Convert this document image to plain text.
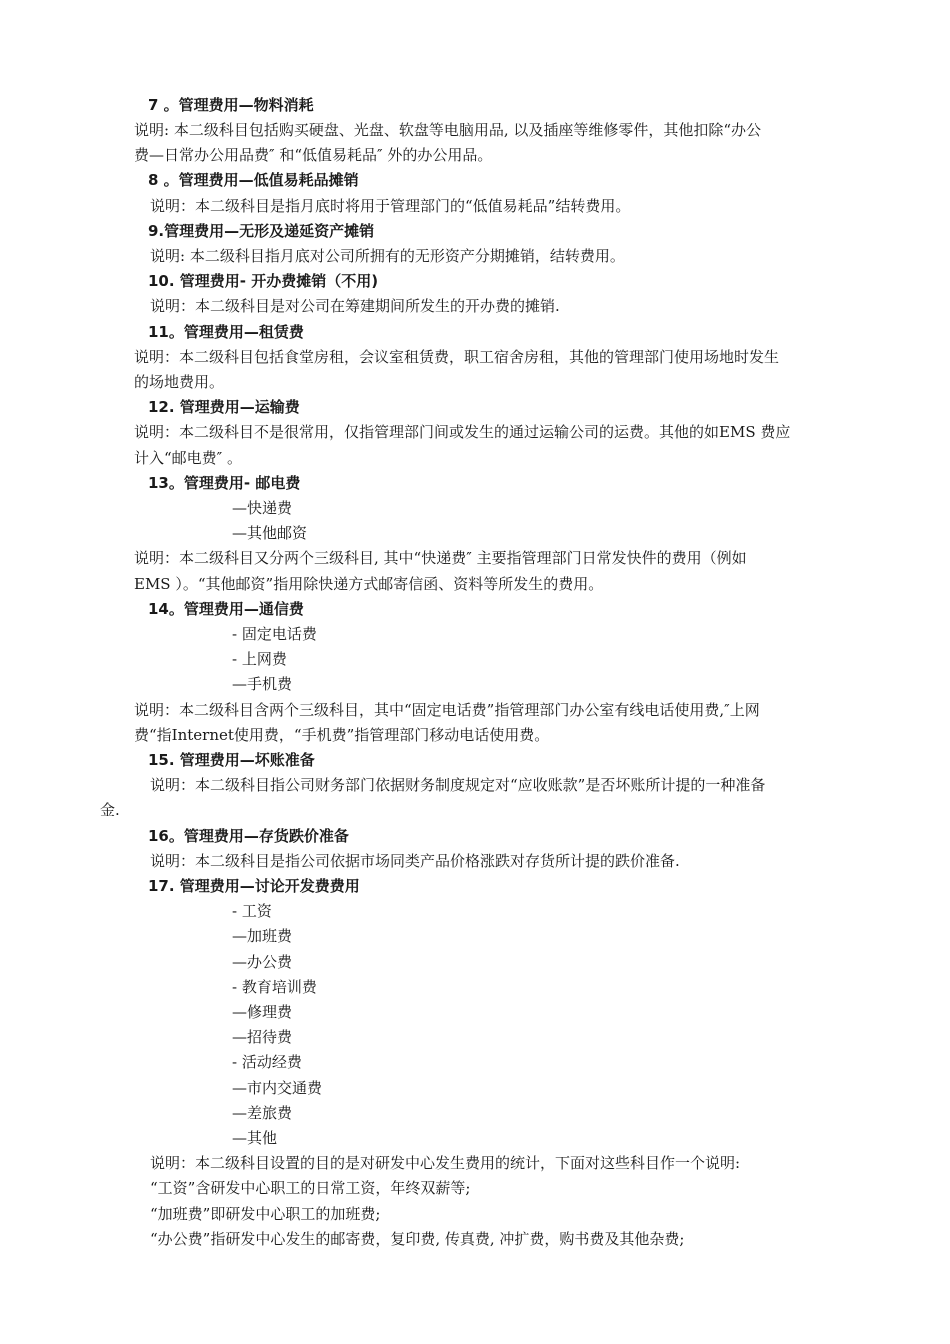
7 。管理费用—物料消耗
说明: 本二级科目包括购买硬盘、光盘、软盘等电脑用品, 以及插座等维修零件，其他扣除“办公
费—日常办公用品费″ 和“低值易耗品″ 外的办公用品。
8 。管理费用—低值易耗品摊销
说明：本二级科目是指月底时将用于管理部门的“低值易耗品”结转费用。
9.管理费用—无形及递延资产摊销
说明: 本二级科目指月底对公司所拥有的无形资产分期摊销，结转费用。
10. 管理费用- 开办费摊销（不用)
说明：本二级科目是对公司在筹建期间所发生的开办费的摊销.
11。管理费用—租赁费
说明：本二级科目包括食堂房租，会议室租赁费，职工宿舍房租，其他的管理部门使用场地时发生
的场地费用。
12. 管理费用—运输费
说明：本二级科目不是很常用，仅指管理部门间或发生的通过运输公司的运费。其他的如EMS 费应
计入“邮电费″ 。
13。管理费用- 邮电费
—快递费
—其他邮资
说明：本二级科目又分两个三级科目, 其中“快递费″ 主要指管理部门日常发快件的费用（例如
EMS ）。“其他邮资”指用除快递方式邮寄信函、资料等所发生的费用。
14。管理费用—通信费
- 固定电话费
- 上网费
—手机费
说明：本二级科目含两个三级科目，其中“固定电话费”指管理部门办公室有线电话使用费,″上网
费“指Internet使用费，“手机费”指管理部门移动电话使用费。
15. 管理费用—坏账准备
说明：本二级科目指公司财务部门依据财务制度规定对“应收账款”是否坏账所计提的一种准备
金.
16。管理费用—存货跌价准备
说明：本二级科目是指公司依据市场同类产品价格涨跌对存货所计提的跌价准备.
17. 管理费用—讨论开发费费用
- 工资
—加班费
—办公费
- 教育培训费
—修理费
—招待费
- 活动经费
—市内交通费
—差旅费
—其他
说明：本二级科目设置的目的是对研发中心发生费用的统计，下面对这些科目作一个说明:
“工资”含研发中心职工的日常工资，年终双薪等;
“加班费”即研发中心职工的加班费;
“办公费”指研发中心发生的邮寄费，复印费, 传真费, 冲扩费，购书费及其他杂费;
